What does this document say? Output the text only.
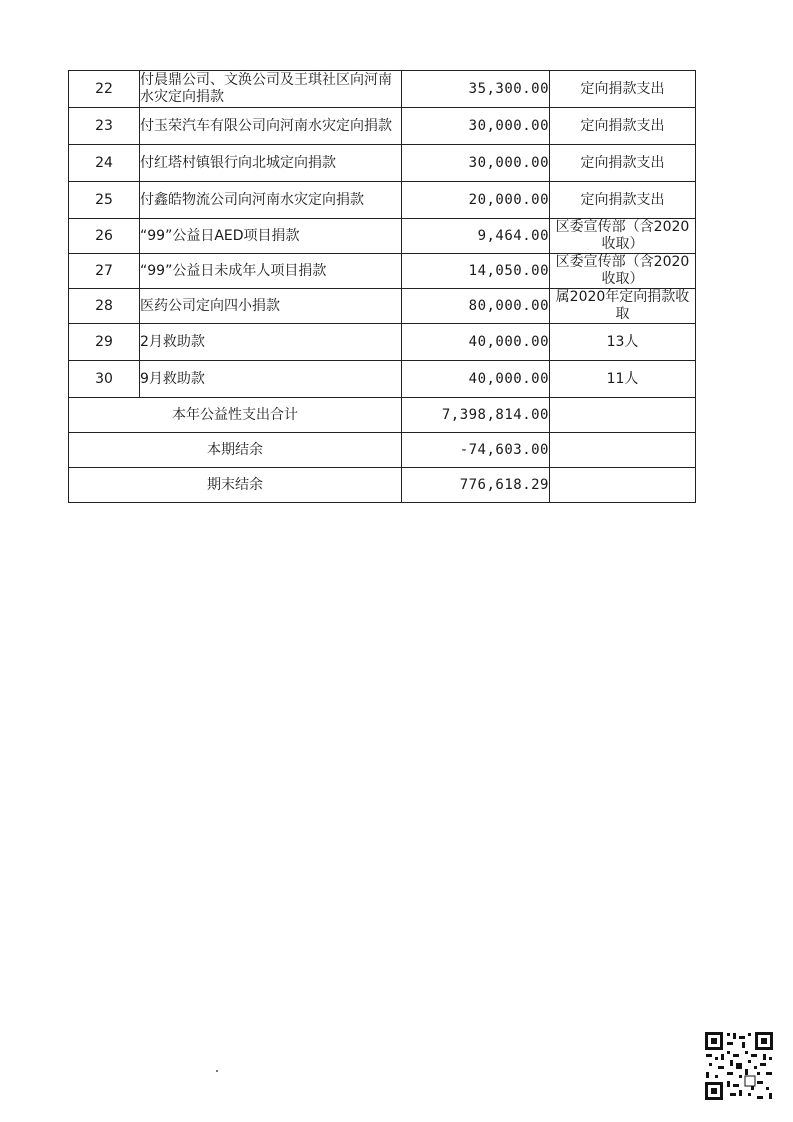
22	付晨鼎公司、文涣公司及王琪社区向河南水灾定向捐款	35,300.00	定向捐款支出
23	付玉荣汽车有限公司向河南水灾定向捐款	30,000.00	定向捐款支出
24	付红塔村镇银行向北城定向捐款	30,000.00	定向捐款支出
25	付鑫皓物流公司向河南水灾定向捐款	20,000.00	定向捐款支出
26	“99”公益日AED项目捐款	9,464.00	区委宣传部（含2020收取）
27	“99”公益日未成年人项目捐款	14,050.00	区委宣传部（含2020收取）
28	医药公司定向四小捐款	80,000.00	属2020年定向捐款收取
29	2月救助款	40,000.00	13人
30	9月救助款	40,000.00	11人
本年公益性支出合计		7,398,814.00	
本期结余		-74,603.00	
期末结余		776,618.29	
